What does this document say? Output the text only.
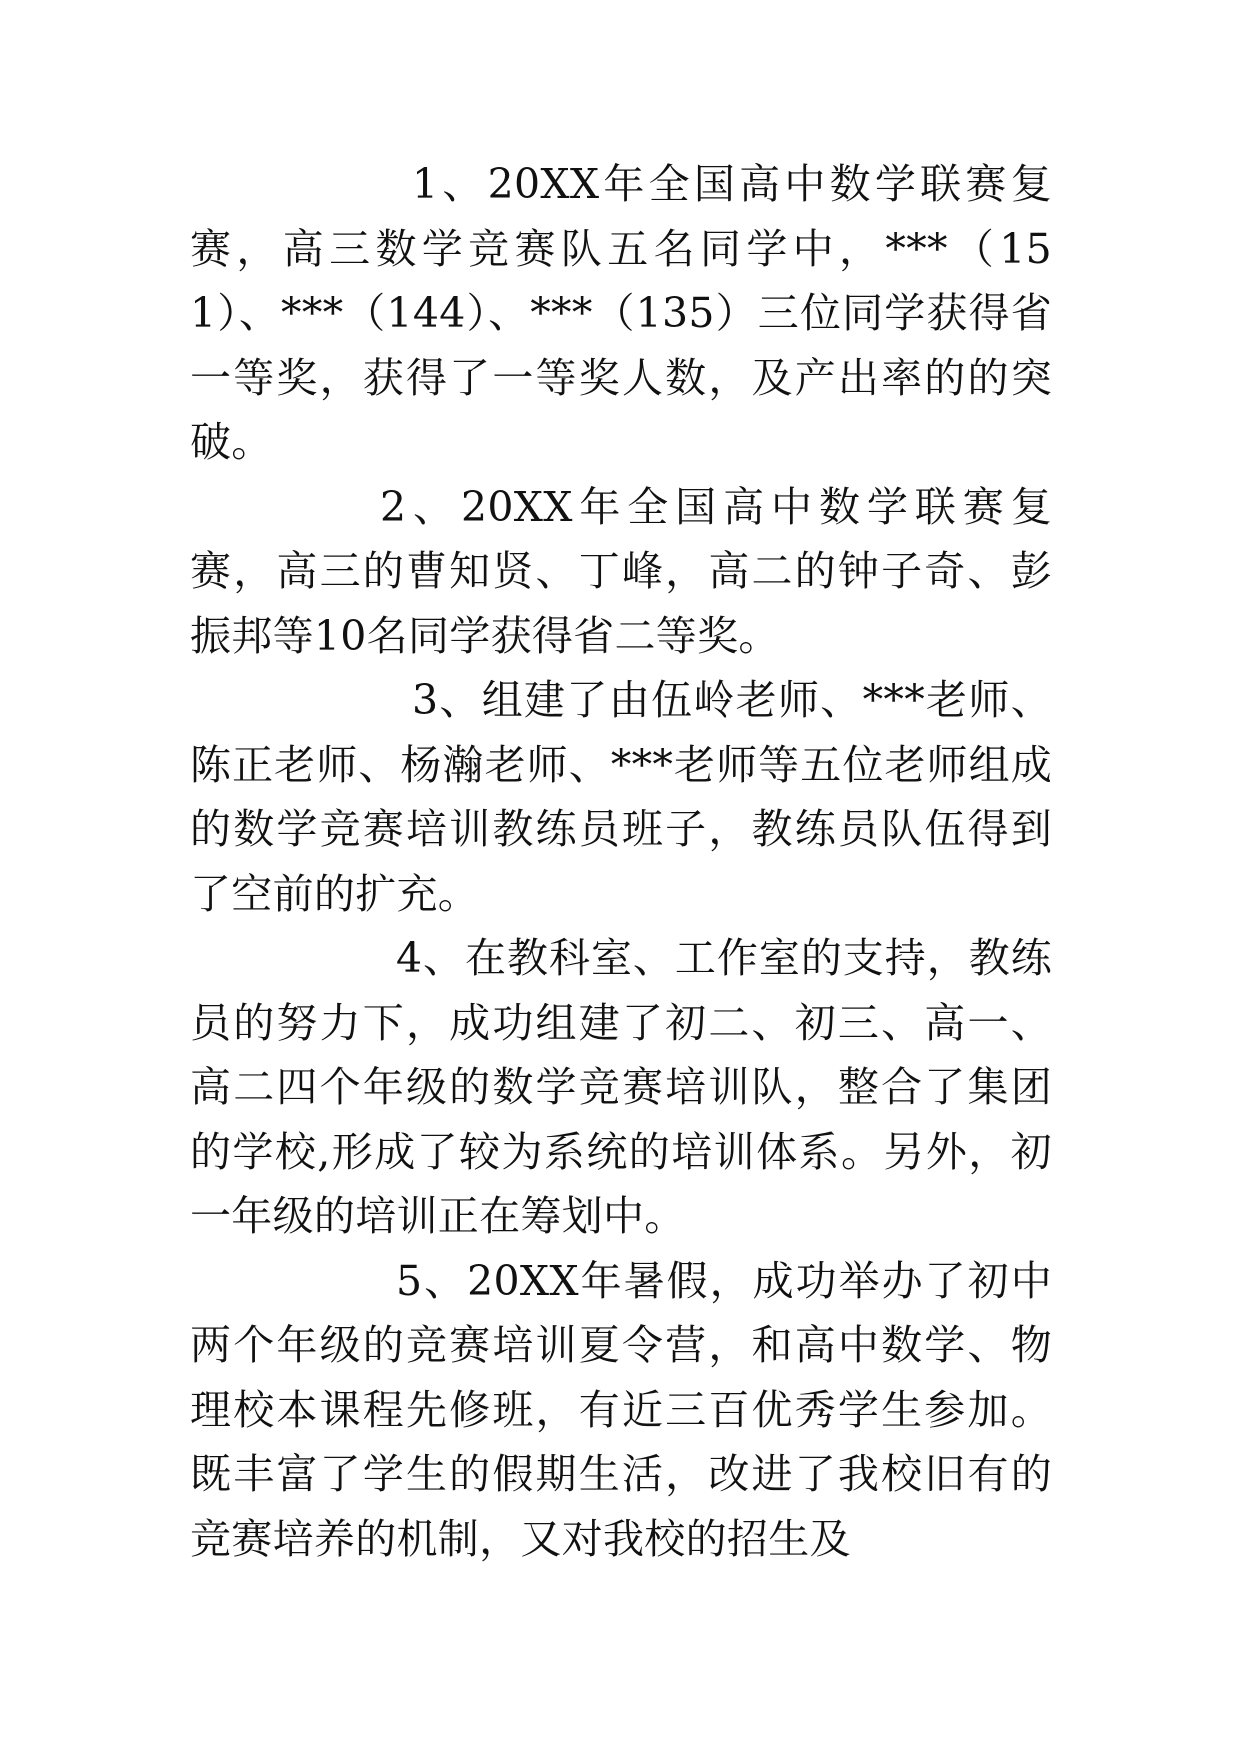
1、20XX年全国高中数学联赛复赛，高三数学竞赛队五名同学中，***（151）、***（144）、***（135）三位同学获得省一等奖，获得了一等奖人数，及产出率的的突破。

2、20XX年全国高中数学联赛复赛，高三的曹知贤、丁峰，高二的钟子奇、彭振邦等10名同学获得省二等奖。

3、组建了由伍岭老师、***老师、陈正老师、杨瀚老师、***老师等五位老师组成的数学竞赛培训教练员班子，教练员队伍得到了空前的扩充。

4、在教科室、工作室的支持，教练员的努力下，成功组建了初二、初三、高一、高二四个年级的数学竞赛培训队，整合了集团的学校,形成了较为系统的培训体系。另外，初一年级的培训正在筹划中。

5、20XX年暑假，成功举办了初中两个年级的竞赛培训夏令营，和高中数学、物理校本课程先修班，有近三百优秀学生参加。既丰富了学生的假期生活，改进了我校旧有的竞赛培养的机制，又对我校的招生及
